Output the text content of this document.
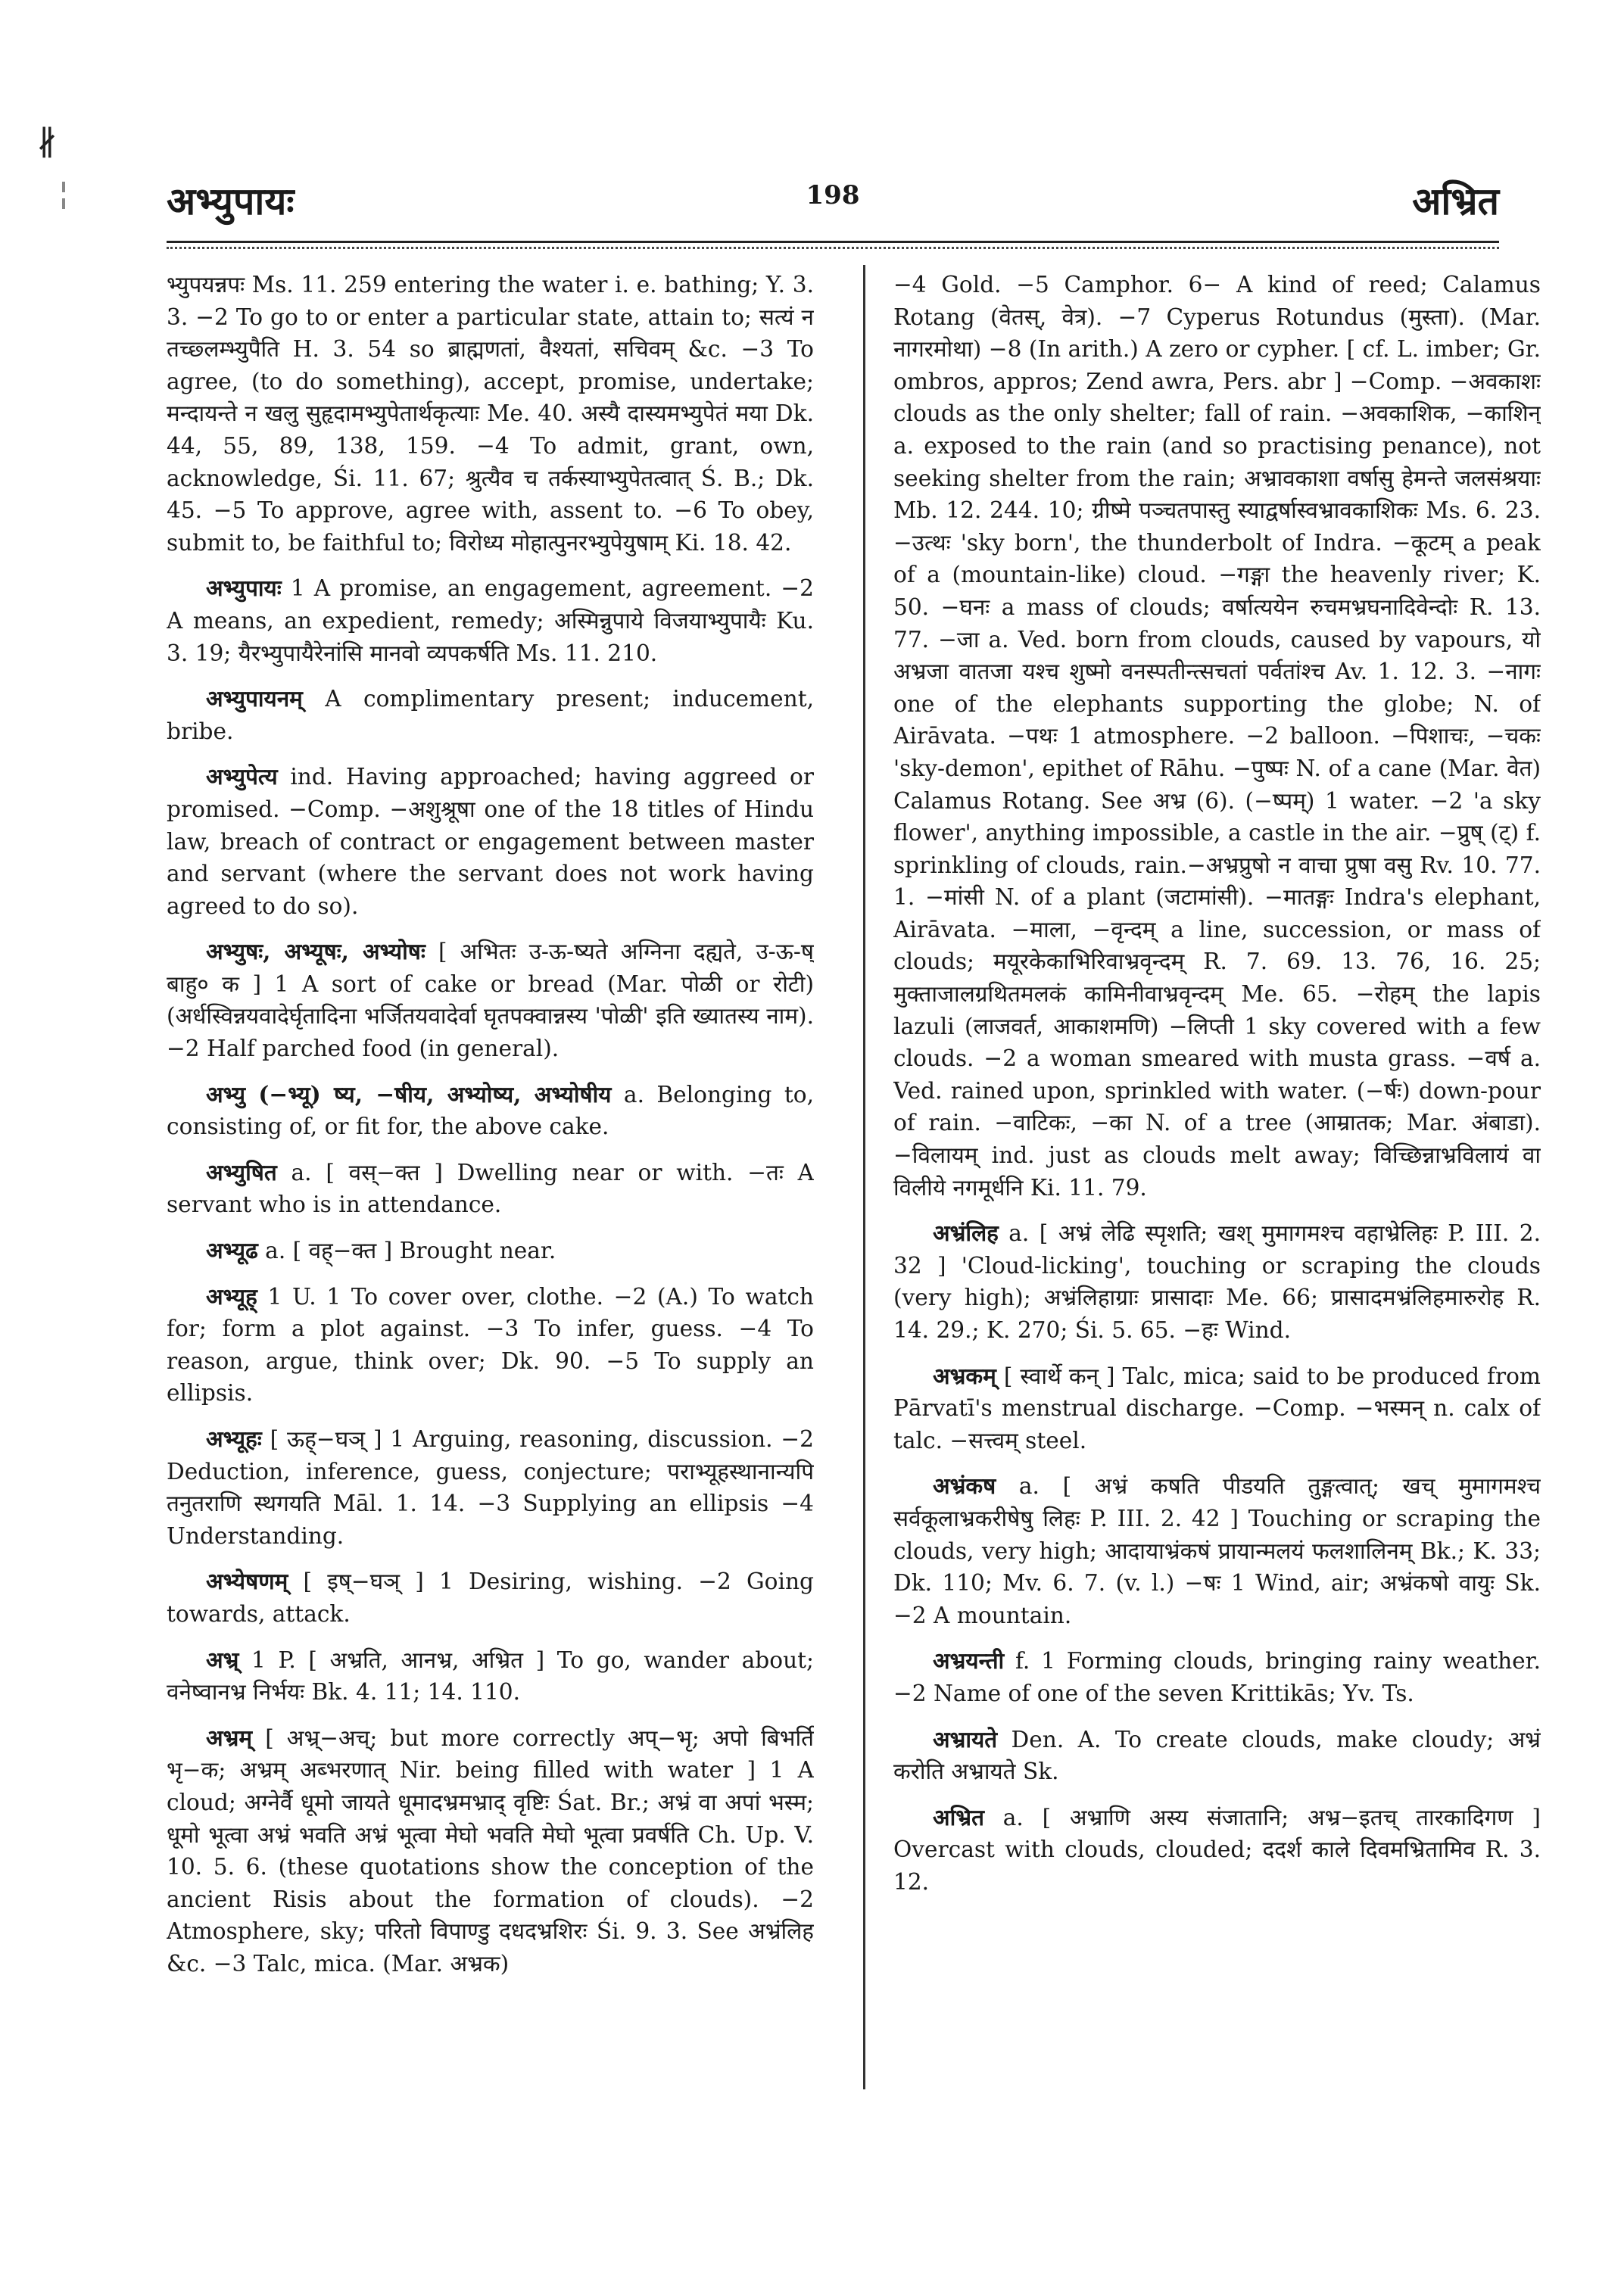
∦
अभ्युपायः	198	अभ्रित

भ्युपयन्नपः Ms. 11. 259 entering the water i. e. bathing; Y. 3. 3. −2 To go to or enter a particular state, attain to; सत्यं न तच्छ्लम्भ्युपैति H. 3. 54 so ब्राह्मणतां, वैश्यतां, सचिवम् &c. −3 To agree, (to do something), accept, promise, undertake; मन्दायन्ते न खलु सुहृदामभ्युपेतार्थकृत्याः Me. 40. अस्यै दास्यमभ्युपेतं मया Dk. 44, 55, 89, 138, 159. −4 To admit, grant, own, acknowledge, Śi. 11. 67; श्रुत्यैव च तर्कस्याभ्युपेतत्वात् Ś. B.; Dk. 45. −5 To approve, agree with, assent to. −6 To obey, submit to, be faithful to; विरोध्य मोहात्पुनरभ्युपेयुषाम् Ki. 18. 42.

अभ्युपायः 1 A promise, an engagement, agreement. −2 A means, an expedient, remedy; अस्मिन्नुपाये विजयाभ्युपायैः Ku. 3. 19; यैरभ्युपायैरेनांसि मानवो व्यपकर्षति Ms. 11. 210.

अभ्युपायनम् A complimentary present; inducement, bribe.

अभ्युपेत्य ind. Having approached; having aggreed or promised. −Comp. −अशुश्रूषा one of the 18 titles of Hindu law, breach of contract or engagement between master and servant (where the servant does not work having agreed to do so).

अभ्युषः, अभ्यूषः, अभ्योषः [ अभितः उ-ऊ-ष्यते अग्निना दह्यते, उ-ऊ-ष् बाहु० क ] 1 A sort of cake or bread (Mar. पोळी or रोटी) (अर्धस्विन्नयवादेर्घृतादिना भर्जितयवादेर्वा घृतपक्वान्नस्य 'पोळी' इति ख्यातस्य नाम). −2 Half parched food (in general).

अभ्यु (−भ्यू) ष्य, −षीय, अभ्योष्य, अभ्योषीय a. Belonging to, consisting of, or fit for, the above cake.

अभ्युषित a. [ वस्−क्त ] Dwelling near or with. −तः A servant who is in attendance.

अभ्यूढ a. [ वह्−क्त ] Brought near.

अभ्यूह् 1 U. 1 To cover over, clothe. −2 (A.) To watch for; form a plot against. −3 To infer, guess. −4 To reason, argue, think over; Dk. 90. −5 To supply an ellipsis.

अभ्यूहः [ ऊह्−घञ् ] 1 Arguing, reasoning, discussion. −2 Deduction, inference, guess, conjecture; पराभ्यूहस्थानान्यपि तनुतराणि स्थगयति Māl. 1. 14. −3 Supplying an ellipsis −4 Understanding.

अभ्येषणम् [ इष्−घञ् ] 1 Desiring, wishing. −2 Going towards, attack.

अभ्र् 1 P. [ अभ्रति, आनभ्र, अभ्रित ] To go, wander about; वनेष्वानभ्र निर्भयः Bk. 4. 11; 14. 110.

अभ्रम् [ अभ्र्−अच्; but more correctly अप्−भृ; अपो बिभर्ति भृ−क; अभ्रम् अब्भरणात् Nir. being filled with water ] 1 A cloud; अग्नेर्वै धूमो जायते धूमादभ्रमभ्राद् वृष्टिः Śat. Br.; अभ्रं वा अपां भस्म; धूमो भूत्वा अभ्रं भवति अभ्रं भूत्वा मेघो भवति मेघो भूत्वा प्रवर्षति Ch. Up. V. 10. 5. 6. (these quotations show the conception of the ancient Risis about the formation of clouds). −2 Atmosphere, sky; परितो विपाण्डु दधदभ्रशिरः Śi. 9. 3. See अभ्रंलिह &c. −3 Talc, mica. (Mar. अभ्रक)

−4 Gold. −5 Camphor. 6− A kind of reed; Calamus Rotang (वेतस्, वेत्र). −7 Cyperus Rotundus (मुस्ता). (Mar. नागरमोथा) −8 (In arith.) A zero or cypher. [ cf. L. imber; Gr. ombros, appros; Zend awra, Pers. abr ] −Comp. −अवकाशः clouds as the only shelter; fall of rain. −अवकाशिक, −काशिन् a. exposed to the rain (and so practising penance), not seeking shelter from the rain; अभ्रावकाशा वर्षासु हेमन्ते जलसंश्रयाः Mb. 12. 244. 10; ग्रीष्मे पञ्चतपास्तु स्याद्वर्षास्वभ्रावकाशिकः Ms. 6. 23. −उत्थः 'sky born', the thunderbolt of Indra. −कूटम् a peak of a (mountain-like) cloud. −गङ्गा the heavenly river; K. 50. −घनः a mass of clouds; वर्षात्ययेन रुचमभ्रघनादिवेन्दोः R. 13. 77. −जा a. Ved. born from clouds, caused by vapours, यो अभ्रजा वातजा यश्च शुष्मो वनस्पतीन्त्सचतां पर्वतांश्च Av. 1. 12. 3. −नागः one of the elephants supporting the globe; N. of Airāvata. −पथः 1 atmosphere. −2 balloon. −पिशाचः, −चकः 'sky-demon', epithet of Rāhu. −पुष्पः N. of a cane (Mar. वेत) Calamus Rotang. See अभ्र (6). (−ष्पम्) 1 water. −2 'a sky flower', anything impossible, a castle in the air. −प्रुष् (ट्) f. sprinkling of clouds, rain.−अभ्रप्रुषो न वाचा प्रुषा वसु Rv. 10. 77. 1. −मांसी N. of a plant (जटामांसी). −मातङ्गः Indra's elephant, Airāvata. −माला, −वृन्दम् a line, succession, or mass of clouds; मयूरकेकाभिरिवाभ्रवृन्दम् R. 7. 69. 13. 76, 16. 25; मुक्ताजालग्रथितमलकं कामिनीवाभ्रवृन्दम् Me. 65. −रोहम् the lapis lazuli (लाजवर्त, आकाशमणि) −लिप्ती 1 sky covered with a few clouds. −2 a woman smeared with musta grass. −वर्ष a. Ved. rained upon, sprinkled with water. (−र्षः) down-pour of rain. −वाटिकः, −का N. of a tree (आम्रातक; Mar. अंबाडा). −विलायम् ind. just as clouds melt away; विच्छिन्नाभ्रविलायं वा विलीये नगमूर्धनि Ki. 11. 79.

अभ्रंलिह a. [ अभ्रं लेढि स्पृशति; खश् मुमागमश्च वहाभ्रेलिहः P. III. 2. 32 ] 'Cloud-licking', touching or scraping the clouds (very high); अभ्रंलिहाग्राः प्रासादाः Me. 66; प्रासादमभ्रंलिहमारुरोह R. 14. 29.; K. 270; Śi. 5. 65. −हः Wind.

अभ्रकम् [ स्वार्थे कन् ] Talc, mica; said to be produced from Pārvatī's menstrual discharge. −Comp. −भस्मन् n. calx of talc. −सत्त्वम् steel.

अभ्रंकष a. [ अभ्रं कषति पीडयति तुङ्गत्वात्; खच् मुमागमश्च सर्वकूलाभ्रकरीषेषु लिहः P. III. 2. 42 ] Touching or scraping the clouds, very high; आदायाभ्रंकषं प्रायान्मलयं फलशालिनम् Bk.; K. 33; Dk. 110; Mv. 6. 7. (v. l.) −षः 1 Wind, air; अभ्रंकषो वायुः Sk. −2 A mountain.

अभ्रयन्ती f. 1 Forming clouds, bringing rainy weather. −2 Name of one of the seven Krittikās; Yv. Ts.

अभ्रायते Den. A. To create clouds, make cloudy; अभ्रं करोति अभ्रायते Sk.

अभ्रित a. [ अभ्राणि अस्य संजातानि; अभ्र−इतच् तारकादिगण ] Overcast with clouds, clouded; ददर्श काले दिवमभ्रितामिव R. 3. 12.
